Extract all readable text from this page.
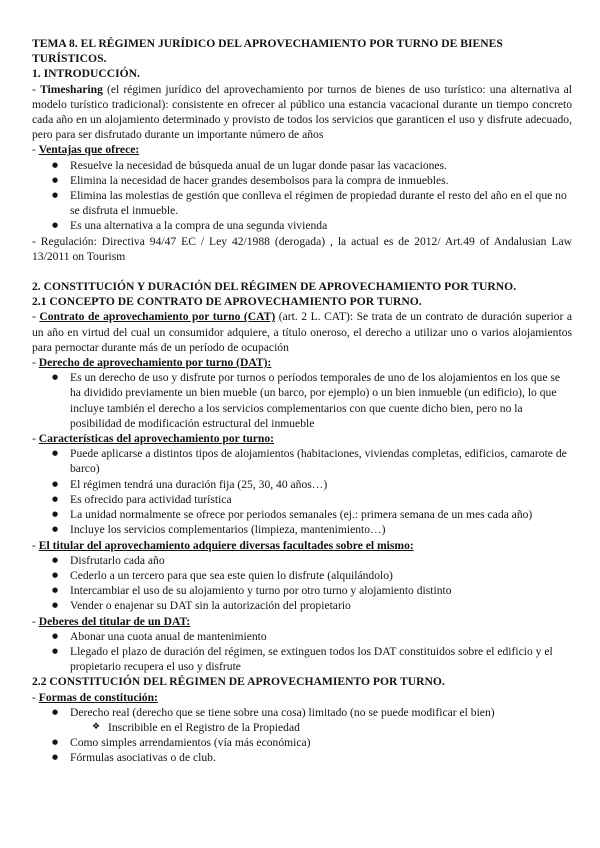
TEMA 8. EL RÉGIMEN JURÍDICO DEL APROVECHAMIENTO POR TURNO DE BIENES TURÍSTICOS.

1. INTRODUCCIÓN.

- Timesharing (el régimen jurídico del aprovechamiento por turnos de bienes de uso turístico: una alternativa al modelo turístico tradicional): consistente en ofrecer al público una estancia vacacional durante un tiempo concreto cada año en un alojamiento determinado y provisto de todos los servicios que garanticen el uso y disfrute adecuado, pero para ser disfrutado durante un importante número de años

- Ventajas que ofrece:

● Resuelve la necesidad de búsqueda anual de un lugar donde pasar las vacaciones.
● Elimina la necesidad de hacer grandes desembolsos para la compra de inmuebles.
● Elimina las molestias de gestión que conlleva el régimen de propiedad durante el resto del año en el que no se disfruta el inmueble.
● Es una alternativa a la compra de una segunda vivienda

- Regulación: Directiva 94/47 EC / Ley 42/1988 (derogada) , la actual es de 2012/ Art.49 of Andalusian Law 13/2011 on Tourism

2. CONSTITUCIÓN Y DURACIÓN DEL RÉGIMEN DE APROVECHAMIENTO POR TURNO.

2.1 CONCEPTO DE CONTRATO DE APROVECHAMIENTO POR TURNO.

- Contrato de aprovechamiento por turno (CAT) (art. 2 L. CAT): Se trata de un contrato de duración superior a un año en virtud del cual un consumidor adquiere, a título oneroso, el derecho a utilizar uno o varios alojamientos para pernoctar durante más de un período de ocupación

- Derecho de aprovechamiento por turno (DAT):

● Es un derecho de uso y disfrute por turnos o períodos temporales de uno de los alojamientos en los que se ha dividido previamente un bien mueble (un barco, por ejemplo) o un bien inmueble (un edificio), lo que incluye también el derecho a los servicios complementarios con que cuente dicho bien, pero no la posibilidad de modificación estructural del inmueble

- Características del aprovechamiento por turno:

● Puede aplicarse a distintos tipos de alojamientos (habitaciones, viviendas completas, edificios, camarote de barco)
● El régimen tendrá una duración fija (25, 30, 40 años…)
● Es ofrecido para actividad turística
● La unidad normalmente se ofrece por periodos semanales (ej.: primera semana de un mes cada año)
● Incluye los servicios complementarios (limpieza, mantenimiento…)

- El titular del aprovechamiento adquiere diversas facultades sobre el mismo:

● Disfrutarlo cada año
● Cederlo a un tercero para que sea este quien lo disfrute (alquilándolo)
● Intercambiar el uso de su alojamiento y turno por otro turno y alojamiento distinto
● Vender o enajenar su DAT sin la autorización del propietario

- Deberes del titular de un DAT:

● Abonar una cuota anual de mantenimiento
● Llegado el plazo de duración del régimen, se extinguen todos los DAT constituidos sobre el edificio y el propietario recupera el uso y disfrute

2.2 CONSTITUCIÓN DEL RÉGIMEN DE APROVECHAMIENTO POR TURNO.

- Formas de constitución:

● Derecho real (derecho que se tiene sobre una cosa) limitado (no se puede modificar el bien)
❖ Inscribible en el Registro de la Propiedad
● Como simples arrendamientos (vía más económica)
● Fórmulas asociativas o de club.
